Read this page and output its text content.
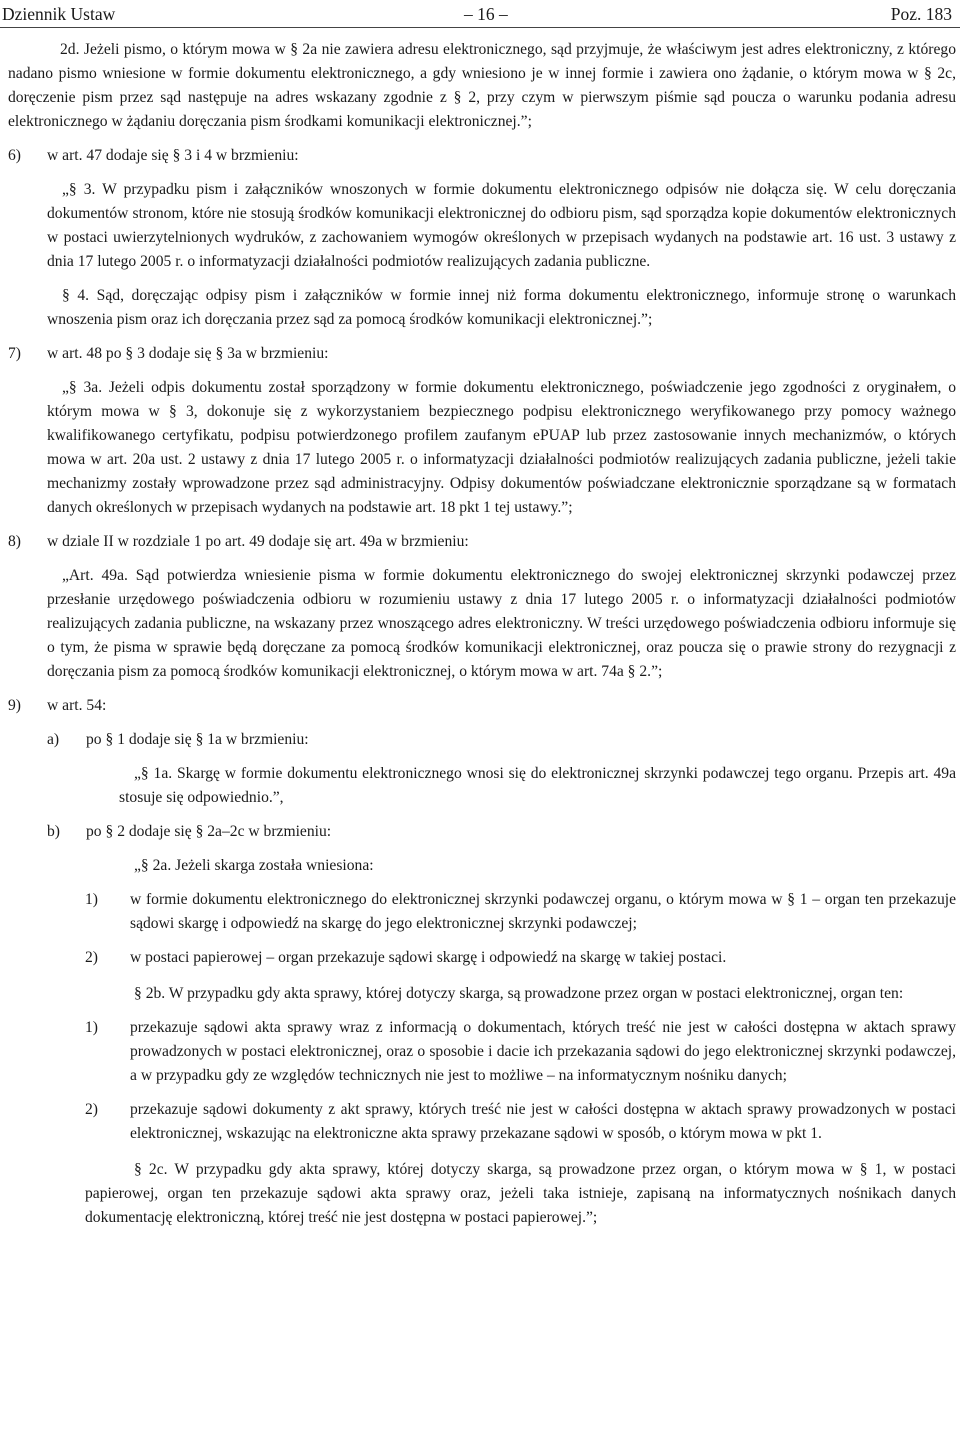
Dziennik Ustaw	– 16 –	Poz. 183

2d. Jeżeli pismo, o którym mowa w § 2a nie zawiera adresu elektronicznego, sąd przyjmuje, że właściwym jest adres elektroniczny, z którego nadano pismo wniesione w formie dokumentu elektronicznego, a gdy wniesiono je w innej formie i zawiera ono żądanie, o którym mowa w § 2c, doręczenie pism przez sąd następuje na adres wskazany zgodnie z § 2, przy czym w pierwszym piśmie sąd poucza o warunku podania adresu elektronicznego w żądaniu doręczania pism środkami komunikacji elektronicznej.”;

6)	w art. 47 dodaje się § 3 i 4 w brzmieniu:

„§ 3. W przypadku pism i załączników wnoszonych w formie dokumentu elektronicznego odpisów nie dołącza się. W celu doręczania dokumentów stronom, które nie stosują środków komunikacji elektronicznej do odbioru pism, sąd sporządza kopie dokumentów elektronicznych w postaci uwierzytelnionych wydruków, z zachowaniem wymogów określonych w przepisach wydanych na podstawie art. 16 ust. 3 ustawy z dnia 17 lutego 2005 r. o informatyzacji działalności podmiotów realizujących zadania publiczne.

§ 4. Sąd, doręczając odpisy pism i załączników w formie innej niż forma dokumentu elektronicznego, informuje stronę o warunkach wnoszenia pism oraz ich doręczania przez sąd za pomocą środków komunikacji elektronicznej.”;

7)	w art. 48 po § 3 dodaje się § 3a w brzmieniu:

„§ 3a. Jeżeli odpis dokumentu został sporządzony w formie dokumentu elektronicznego, poświadczenie jego zgodności z oryginałem, o którym mowa w § 3, dokonuje się z wykorzystaniem bezpiecznego podpisu elektronicznego weryfikowanego przy pomocy ważnego kwalifikowanego certyfikatu, podpisu potwierdzonego profilem zaufanym ePUAP lub przez zastosowanie innych mechanizmów, o których mowa w art. 20a ust. 2 ustawy z dnia 17 lutego 2005 r. o informatyzacji działalności podmiotów realizujących zadania publiczne, jeżeli takie mechanizmy zostały wprowadzone przez sąd administracyjny. Odpisy dokumentów poświadczane elektronicznie sporządzane są w formatach danych określonych w przepisach wydanych na podstawie art. 18 pkt 1 tej ustawy.”;

8)	w dziale II w rozdziale 1 po art. 49 dodaje się art. 49a w brzmieniu:

„Art. 49a. Sąd potwierdza wniesienie pisma w formie dokumentu elektronicznego do swojej elektronicznej skrzynki podawczej przez przesłanie urzędowego poświadczenia odbioru w rozumieniu ustawy z dnia 17 lutego 2005 r. o informatyzacji działalności podmiotów realizujących zadania publiczne, na wskazany przez wnoszącego adres elektroniczny. W treści urzędowego poświadczenia odbioru informuje się o tym, że pisma w sprawie będą doręczane za pomocą środków komunikacji elektronicznej, oraz poucza się o prawie strony do rezygnacji z doręczania pism za pomocą środków komunikacji elektronicznej, o którym mowa w art. 74a § 2.”;

9)	w art. 54:
a)	po § 1 dodaje się § 1a w brzmieniu:

„§ 1a. Skargę w formie dokumentu elektronicznego wnosi się do elektronicznej skrzynki podawczej tego organu. Przepis art. 49a stosuje się odpowiednio.”,

b)	po § 2 dodaje się § 2a–2c w brzmieniu:

„§ 2a. Jeżeli skarga została wniesiona:

1)	w formie dokumentu elektronicznego do elektronicznej skrzynki podawczej organu, o którym mowa w § 1 – organ ten przekazuje sądowi skargę i odpowiedź na skargę do jego elektronicznej skrzynki podawczej;
2)	w postaci papierowej – organ przekazuje sądowi skargę i odpowiedź na skargę w takiej postaci.

§ 2b. W przypadku gdy akta sprawy, której dotyczy skarga, są prowadzone przez organ w postaci elektronicznej, organ ten:

1)	przekazuje sądowi akta sprawy wraz z informacją o dokumentach, których treść nie jest w całości dostępna w aktach sprawy prowadzonych w postaci elektronicznej, oraz o sposobie i dacie ich przekazania sądowi do jego elektronicznej skrzynki podawczej, a w przypadku gdy ze względów technicznych nie jest to możliwe – na informatycznym nośniku danych;
2)	przekazuje sądowi dokumenty z akt sprawy, których treść nie jest w całości dostępna w aktach sprawy prowadzonych w postaci elektronicznej, wskazując na elektroniczne akta sprawy przekazane sądowi w sposób, o którym mowa w pkt 1.

§ 2c. W przypadku gdy akta sprawy, której dotyczy skarga, są prowadzone przez organ, o którym mowa w § 1, w postaci papierowej, organ ten przekazuje sądowi akta sprawy oraz, jeżeli taka istnieje, zapisaną na informatycznych nośnikach danych dokumentację elektroniczną, której treść nie jest dostępna w postaci papierowej.”;
